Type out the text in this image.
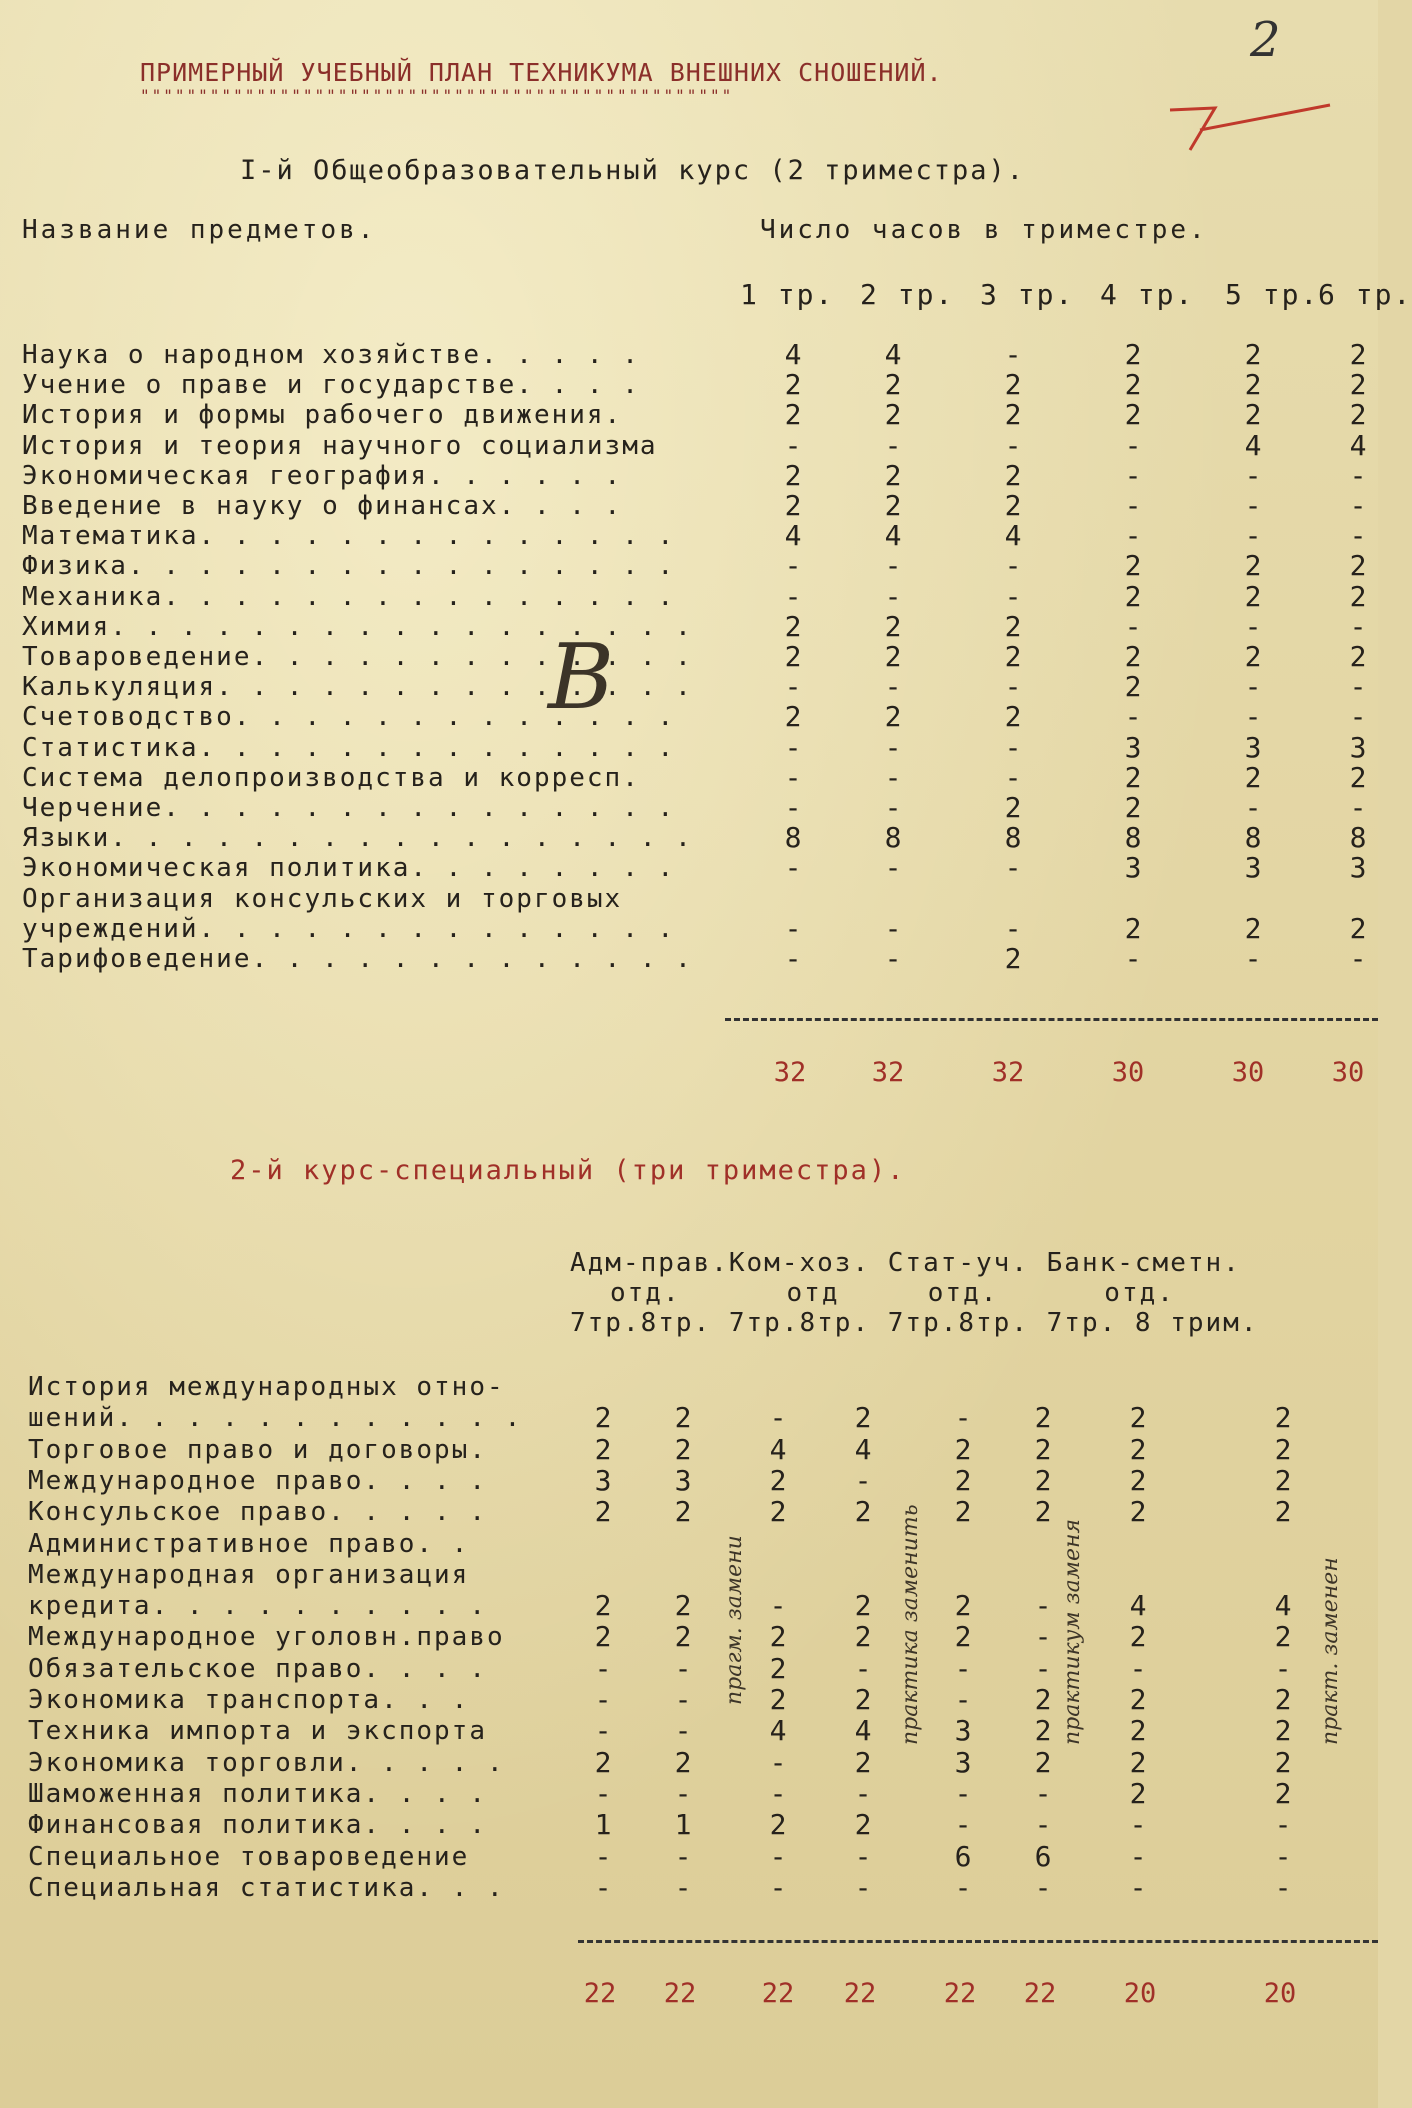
2
ПРИМЕРНЫЙ УЧЕБНЫЙ ПЛАН ТЕХНИКУМА ВНЕШНИХ СНОШЕНИЙ.
"""""""""""""""""""""""""""""""""""""""""""""""""""
I-й Общеобразовательный курс (2 триместра).
Название предметов.	Число часов в триместре.
1 тр. 2 тр. 3 тр. 4 тр. 5 тр.
6 тр.
Наука о народном хозяйстве. . . . .	4	4	-	2	2	2
Учение о праве и государстве. . . .	2	2	2	2	2	2
История и формы рабочего движения.	2	2	2	2	2	2
История и теория научного социализма	-	-	-	-	4	4
Экономическая география. . . . . .	2	2	2	-	-	-
Введение в науку о финансах. . . .	2	2	2	-	-	-
Математика. . . . . . . . . . . . . .	4	4	4	-	-	-
Физика. . . . . . . . . . . . . . . .	-	-	-	2	2	2
Механика. . . . . . . . . . . . . . .	-	-	-	2	2	2
Химия. . . . . . . . . . . . . . . . .	2	2	2	-	-	-
Товароведение. . . . . . . . . . . . .	2	2	2	2	2	2
Калькуляция. . . . . . . . . . . . . .	-	-	-	2	-	-
Счетоводство. . . . . . . . . . . . .	2	2	2	-	-	-
Статистика. . . . . . . . . . . . . .	-	-	-	3	3	3
Система делопроизводства и корресп.	-	-	-	2	2	2
Черчение. . . . . . . . . . . . . . .	-	-	2	2	-	-
Языки. . . . . . . . . . . . . . . . .	8	8	8	8	8	8
Экономическая политика. . . . . . . .	-	-	-	3	3	3
Организация консульских и торговых
учреждений. . . . . . . . . . . . . .	-	-	-	2	2	2
Тарифоведение. . . . . . . . . . . . .	-	-	2	-	-	-
32	32	32	30	30	30
В
2-й курс-специальный (три триместра).
Адм-прав.Ком-хоз. Стат-уч. Банк-сметн.
отд.      отд     отд.      отд.
7тр.8тр. 7тр.8тр. 7тр.8тр. 7тр. 8 трим.
История международных отно-
шений. . . . . . . . . . . .	2	2	-	2	-	2	2	2
Торговое право и договоры.	2	2	4	4	2	2	2	2
Международное право. . . .	3	3	2	-	2	2	2	2
Консульское право. . . . .	2	2	2	2	2	2	2	2
Административное право. .
Международная организация
кредита. . . . . . . . . .	2	2	-	2	2	-	4	4
Международное уголовн.право	2	2	2	2	2	-	2	2
Обязательское право. . . .	-	-	2	-	-	-	-	-
Экономика транспорта. . .	-	-	2	2	-	2	2	2
Техника импорта и экспорта	-	-	4	4	3	2	2	2
Экономика торговли. . . . .	2	2	-	2	3	2	2	2
Шаможенная политика. . . .	-	-	-	-	-	-	2	2
Финансовая политика. . . .	1	1	2	2	-	-	-	-
Специальное товароведение	-	-	-	-	6	6	-	-
Специальная статистика. . .	-	-	-	-	-	-	-	-
прагм. замени	практика заменить	практикум заменя	практ. заменен
22	22	22	22	22	22	20	20
